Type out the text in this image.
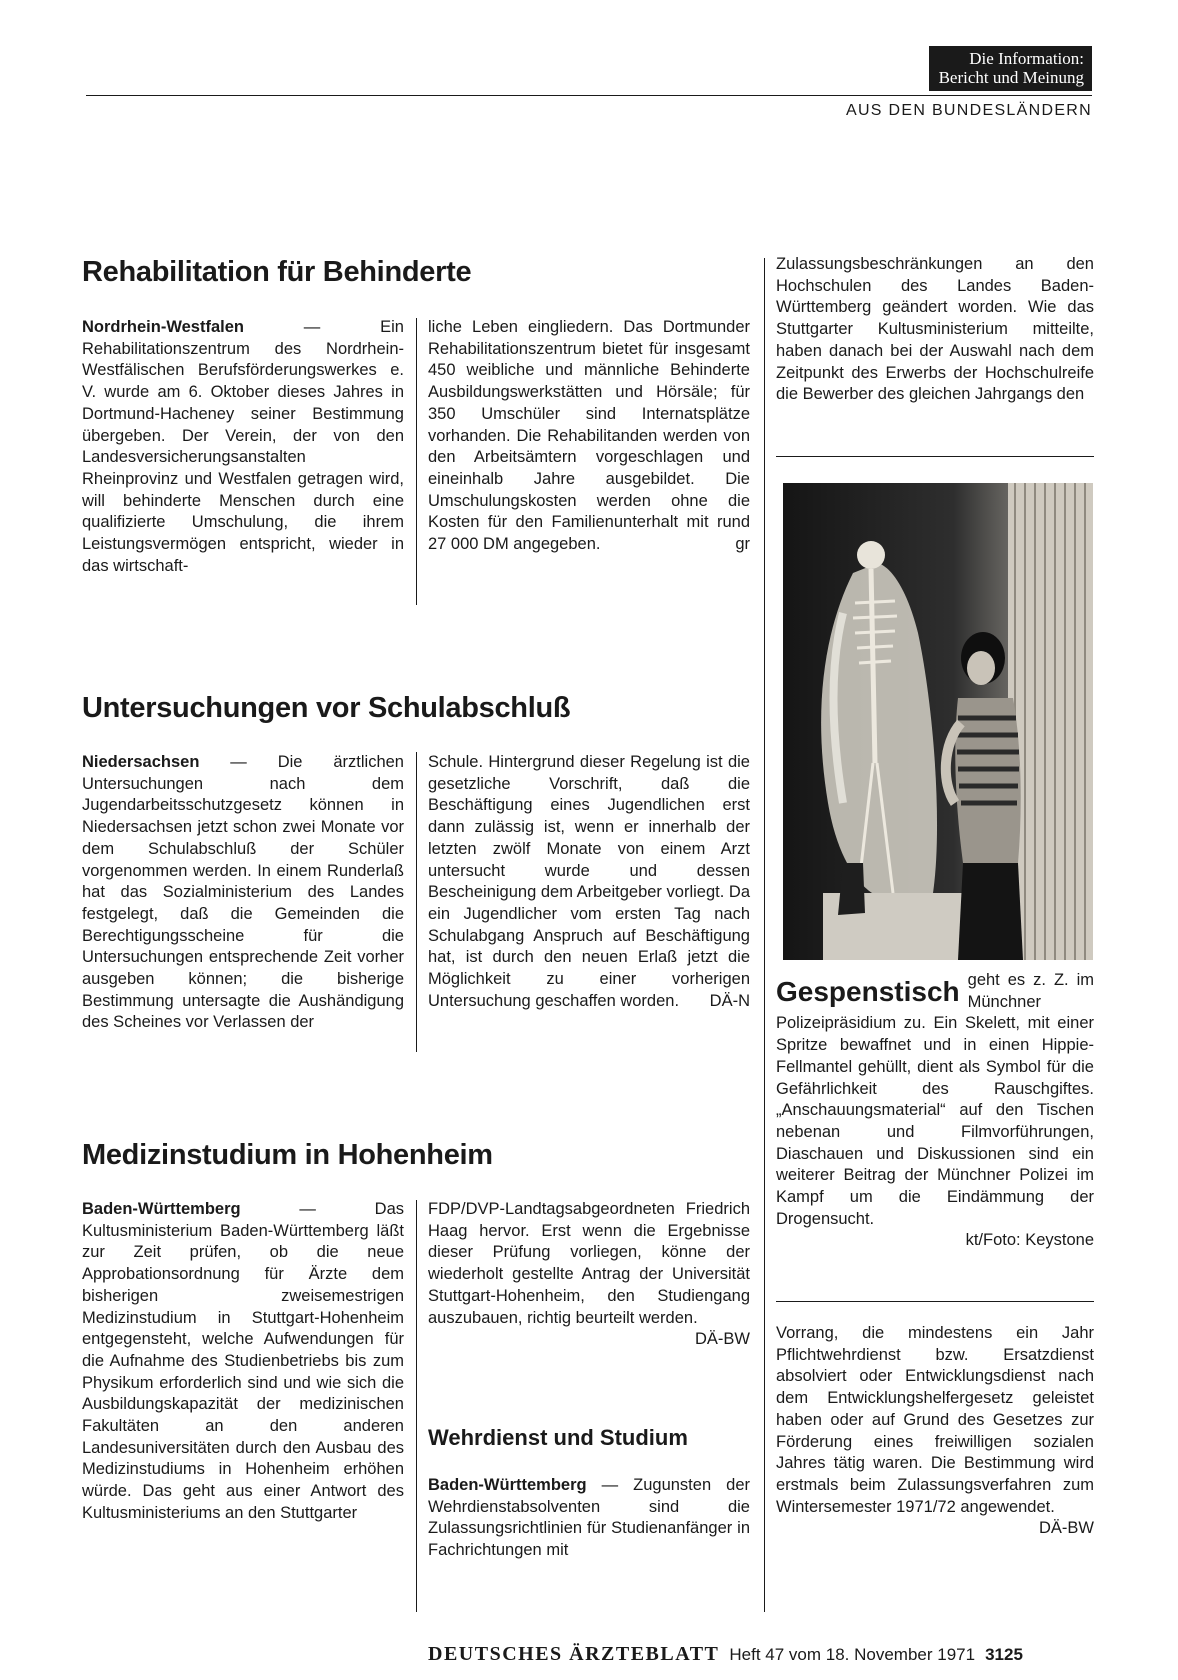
Die Information:
Bericht und Meinung
AUS DEN BUNDESLÄNDERN
Rehabilitation für Behinderte
Nordrhein-Westfalen — Ein Rehabilitationszentrum des Nordrhein-Westfälischen Berufsförderungswerkes e. V. wurde am 6. Oktober dieses Jahres in Dortmund-Hacheney seiner Bestimmung übergeben. Der Verein, der von den Landesversicherungsanstalten Rheinprovinz und Westfalen getragen wird, will behinderte Menschen durch eine qualifizierte Umschulung, die ihrem Leistungsvermögen entspricht, wieder in das wirtschaft-
liche Leben eingliedern. Das Dortmunder Rehabilitationszentrum bietet für insgesamt 450 weibliche und männliche Behinderte Ausbildungswerkstätten und Hörsäle; für 350 Umschüler sind Internatsplätze vorhanden. Die Rehabilitanden werden von den Arbeitsämtern vorgeschlagen und eineinhalb Jahre ausgebildet. Die Umschulungskosten werden ohne die Kosten für den Familienunterhalt mit rund 27 000 DM angegeben.	gr
Untersuchungen vor Schulabschluß
Niedersachsen — Die ärztlichen Untersuchungen nach dem Jugendarbeitsschutzgesetz können in Niedersachsen jetzt schon zwei Monate vor dem Schulabschluß der Schüler vorgenommen werden. In einem Runderlaß hat das Sozialministerium des Landes festgelegt, daß die Gemeinden die Berechtigungsscheine für die Untersuchungen entsprechende Zeit vorher ausgeben können; die bisherige Bestimmung untersagte die Aushändigung des Scheines vor Verlassen der
Schule. Hintergrund dieser Regelung ist die gesetzliche Vorschrift, daß die Beschäftigung eines Jugendlichen erst dann zulässig ist, wenn er innerhalb der letzten zwölf Monate von einem Arzt untersucht wurde und dessen Bescheinigung dem Arbeitgeber vorliegt. Da ein Jugendlicher vom ersten Tag nach Schulabgang Anspruch auf Beschäftigung hat, ist durch den neuen Erlaß jetzt die Möglichkeit zu einer vorherigen Untersuchung geschaffen worden. DÄ-N
Medizinstudium in Hohenheim
Baden-Württemberg — Das Kultusministerium Baden-Württemberg läßt zur Zeit prüfen, ob die neue Approbationsordnung für Ärzte dem bisherigen zweisemestrigen Medizinstudium in Stuttgart-Hohenheim entgegensteht, welche Aufwendungen für die Aufnahme des Studienbetriebs bis zum Physikum erforderlich sind und wie sich die Ausbildungskapazität der medizinischen Fakultäten an den anderen Landesuniversitäten durch den Ausbau des Medizinstudiums in Hohenheim erhöhen würde. Das geht aus einer Antwort des Kultusministeriums an den Stuttgarter
FDP/DVP-Landtagsabgeordneten Friedrich Haag hervor. Erst wenn die Ergebnisse dieser Prüfung vorliegen, könne der wiederholt gestellte Antrag der Universität Stuttgart-Hohenheim, den Studiengang auszubauen, richtig beurteilt werden.
DÄ-BW
Wehrdienst und Studium
Baden-Württemberg — Zugunsten der Wehrdienstabsolventen sind die Zulassungsrichtlinien für Studienanfänger in Fachrichtungen mit
Zulassungsbeschränkungen an den Hochschulen des Landes Baden-Württemberg geändert worden. Wie das Stuttgarter Kultusministerium mitteilte, haben danach bei der Auswahl nach dem Zeitpunkt des Erwerbs der Hochschulreife die Bewerber des gleichen Jahrgangs den
Gespenstisch geht es z. Z. im Münchner Polizeipräsidium zu. Ein Skelett, mit einer Spritze bewaffnet und in einen Hippie-Fellmantel gehüllt, dient als Symbol für die Gefährlichkeit des Rauschgiftes. „Anschauungsmaterial“ auf den Tischen nebenan und Filmvorführungen, Diaschauen und Diskussionen sind ein weiterer Beitrag der Münchner Polizei im Kampf um die Eindämmung der Drogensucht.
kt/Foto: Keystone
Vorrang, die mindestens ein Jahr Pflichtwehrdienst bzw. Ersatzdienst absolviert oder Entwicklungsdienst nach dem Entwicklungshelfergesetz geleistet haben oder auf Grund des Gesetzes zur Förderung eines freiwilligen sozialen Jahres tätig waren. Die Bestimmung wird erstmals beim Zulassungsverfahren zum Wintersemester 1971/72 angewendet.
DÄ-BW
DEUTSCHES ÄRZTEBLATT Heft 47 vom 18. November 1971 3125
